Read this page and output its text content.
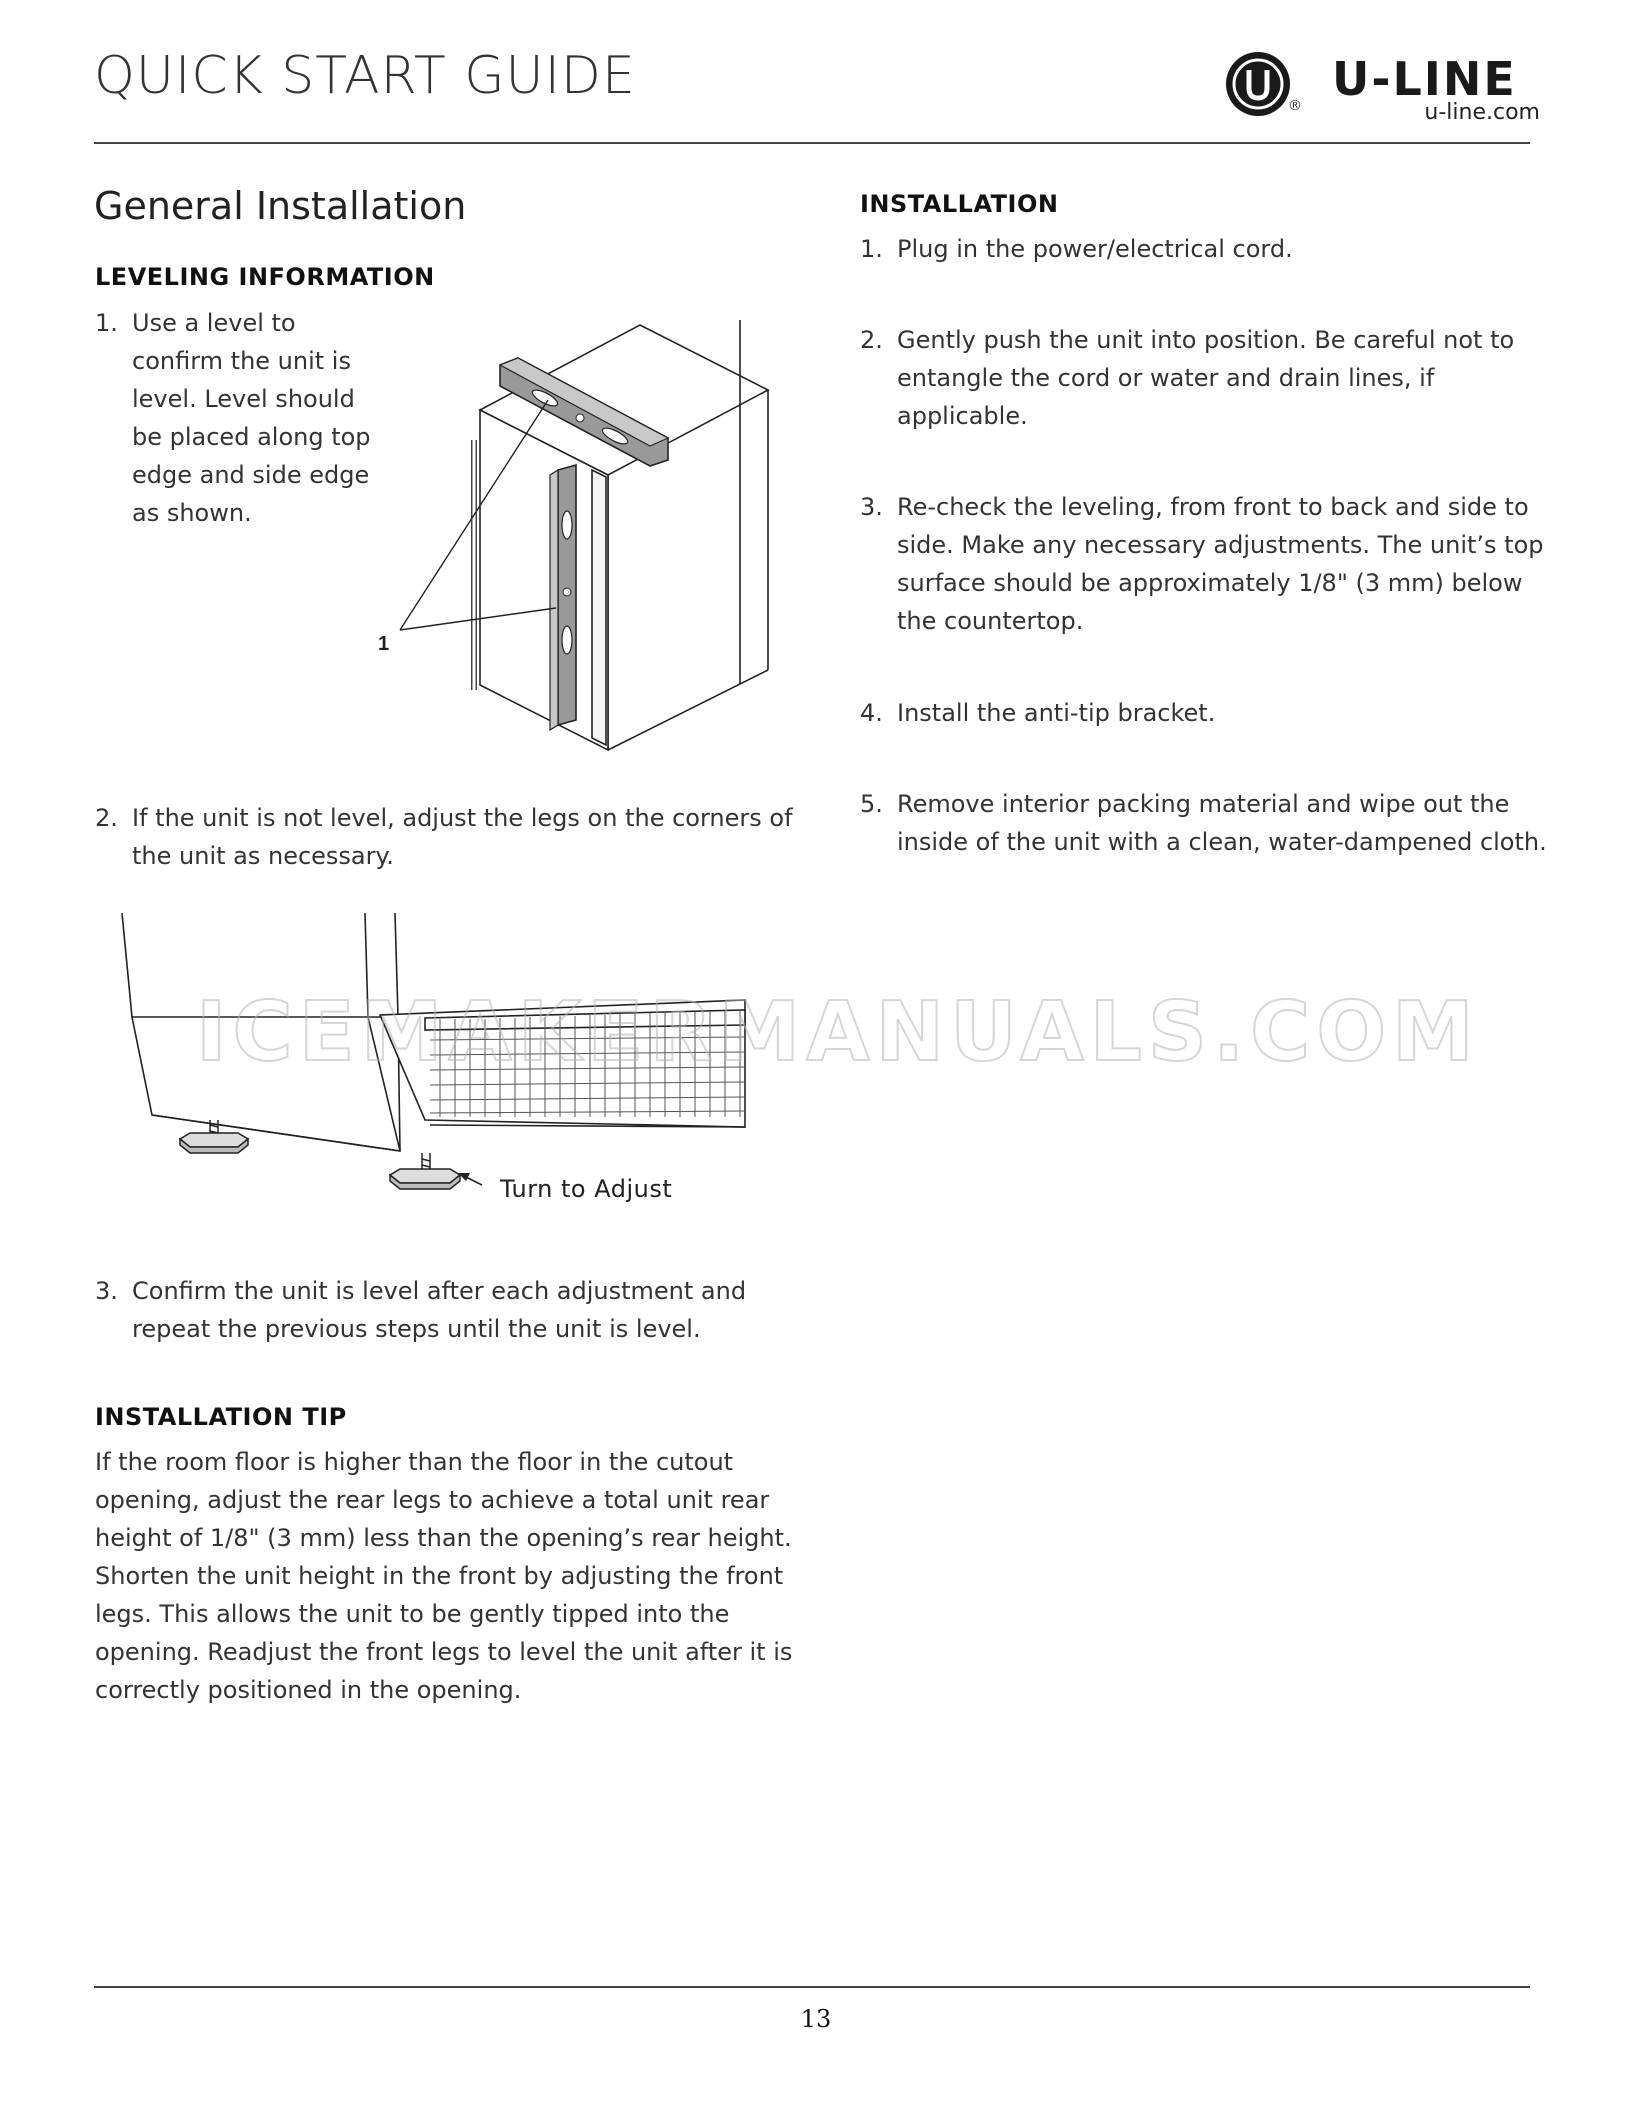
QUICK START GUIDE	® U-LINE
u-line.com
General Installation
LEVELING INFORMATION
1. Use a level to
confirm the unit is
level. Level should
be placed along top
edge and side edge
as shown.
1
2. If the unit is not level, adjust the legs on the corners of
the unit as necessary.
Turn to Adjust
ICEMAKERMANUALS.COM
3. Confirm the unit is level after each adjustment and
repeat the previous steps until the unit is level.
INSTALLATION TIP
If the room floor is higher than the floor in the cutout
opening, adjust the rear legs to achieve a total unit rear
height of 1/8" (3 mm) less than the opening’s rear height.
Shorten the unit height in the front by adjusting the front
legs. This allows the unit to be gently tipped into the
opening. Readjust the front legs to level the unit after it is
correctly positioned in the opening.
INSTALLATION
1. Plug in the power/electrical cord.
2. Gently push the unit into position. Be careful not to
entangle the cord or water and drain lines, if
applicable.
3. Re-check the leveling, from front to back and side to
side. Make any necessary adjustments. The unit’s top
surface should be approximately 1/8" (3 mm) below
the countertop.
4. Install the anti-tip bracket.
5. Remove interior packing material and wipe out the
inside of the unit with a clean, water-dampened cloth.
13
